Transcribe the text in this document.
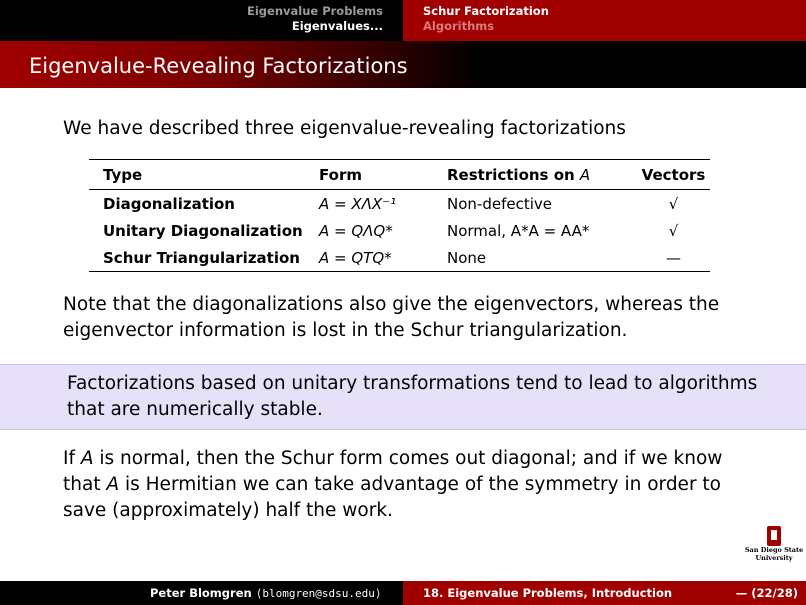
Eigenvalue Problems
Eigenvalues...
Schur Factorization
Algorithms
Eigenvalue-Revealing Factorizations
We have described three eigenvalue-revealing factorizations
Type	Form	Restrictions on A	Vectors
Diagonalization	A = XΛX⁻¹	Non-defective	√
Unitary Diagonalization	A = QΛQ*	Normal, A*A = AA*	√
Schur Triangularization	A = QTQ*	None	—
Note that the diagonalizations also give the eigenvectors, whereas the eigenvector information is lost in the Schur triangularization.
Factorizations based on unitary transformations tend to lead to algorithms that are numerically stable.
If A is normal, then the Schur form comes out diagonal; and if we know that A is Hermitian we can take advantage of the symmetry in order to save (approximately) half the work.
San Diego State
University
Peter Blomgren ⟨blomgren@sdsu.edu⟩	18. Eigenvalue Problems, Introduction	— (22/28)
